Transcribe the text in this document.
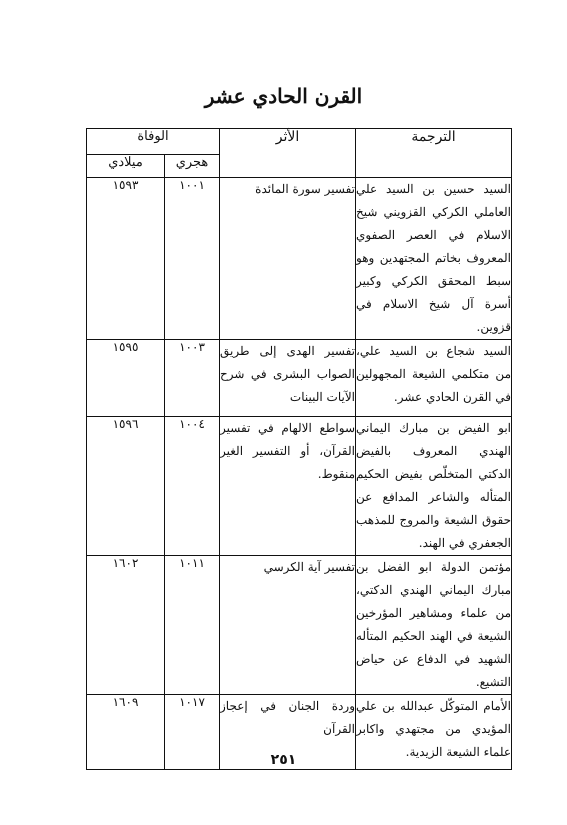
القرن الحادي عشر
الترجمة	الأثر	الوفاة	
		هجري	ميلادي
السيد حسين بن السيد علي العاملي الكركي القزويني شيخ الاسلام في العصر الصفوي المعروف بخاتم المجتهدين وهو سبط المحقق الكركي وكبير أسرة آل شيخ الاسلام في قزوين.	تفسير سورة المائدة	١٠٠١	١٥٩٣
السيد شجاع بن السيد علي، من متكلمي الشيعة المجهولين في القرن الحادي عشر.	تفسير الهدى إلى طريق الصواب البشرى في شرح الآيات البينات	١٠٠٣	١٥٩٥
ابو الفيض بن مبارك اليماني الهندي المعروف بالفيض الدكتي المتخلّص بفيض الحكيم المتأله والشاعر المدافع عن حقوق الشيعة والمروج للمذهب الجعفري في الهند.	سواطع الالهام في تفسير القرآن، أو التفسير الغير منقوط.	١٠٠٤	١٥٩٦
مؤتمن الدولة ابو الفضل بن مبارك اليماني الهندي الدكتي، من علماء ومشاهير المؤرخين الشيعة في الهند الحكيم المتأله الشهيد في الدفاع عن حياض التشيع.	تفسير آية الكرسي	١٠١١	١٦٠٢
الأمام المتوكّل عبدالله بن علي المؤيدي من مجتهدي واكابر علماء الشيعة الزيدية.	وردة الجنان في إعجاز القرآن	١٠١٧	١٦٠٩
٢٥١
